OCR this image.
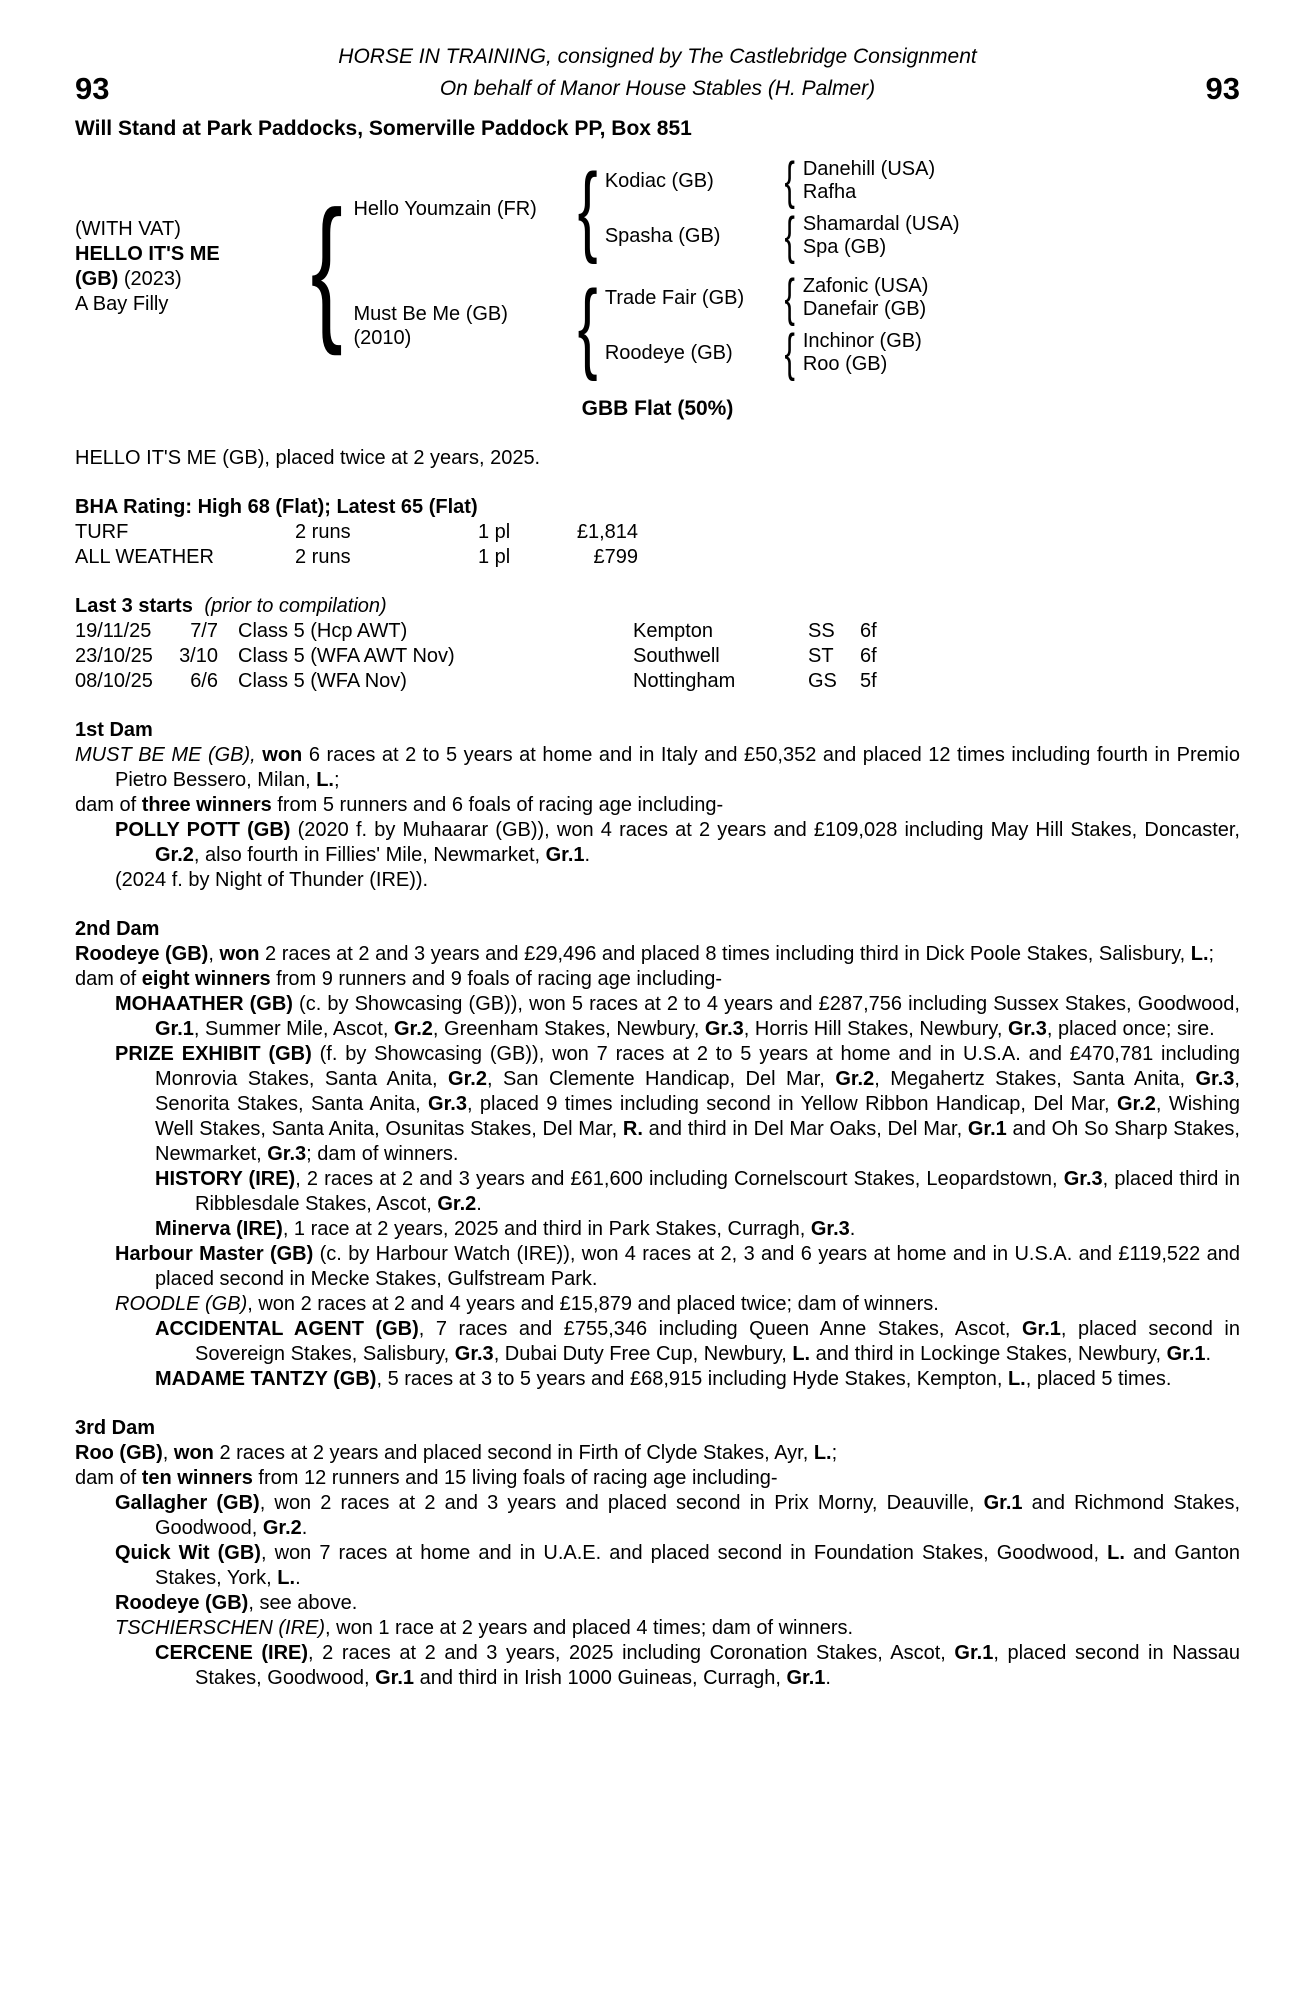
HORSE IN TRAINING, consigned by The Castlebridge Consignment
93	On behalf of Manor House Stables (H. Palmer)	93
Will Stand at Park Paddocks, Somerville Paddock PP, Box 851
(WITH VAT)
HELLO IT'S ME
(GB) (2023)
A Bay Filly
{
Hello Youmzain (FR)
{
Kodiac (GB)
{
Danehill (USA)
Rafha
Spasha (GB)
{
Shamardal (USA)
Spa (GB)
Must Be Me (GB)
(2010)
{
Trade Fair (GB)
{
Zafonic (USA)
Danefair (GB)
Roodeye (GB)
{
Inchinor (GB)
Roo (GB)
GBB Flat (50%)
HELLO IT'S ME (GB), placed twice at 2 years, 2025.
BHA Rating: High 68 (Flat); Latest 65 (Flat)
TURF	2 runs	1 pl	£1,814
ALL WEATHER	2 runs	1 pl	£799
Last 3 starts (prior to compilation)
19/11/25	7/7	Class 5 (Hcp AWT)	Kempton	SS	6f
23/10/25	3/10	Class 5 (WFA AWT Nov)	Southwell	ST	6f
08/10/25	6/6	Class 5 (WFA Nov)	Nottingham	GS	5f
1st Dam

MUST BE ME (GB), won 6 races at 2 to 5 years at home and in Italy and £50,352 and placed 12 times including fourth in Premio Pietro Bessero, Milan, L.;

dam of three winners from 5 runners and 6 foals of racing age including-

POLLY POTT (GB) (2020 f. by Muhaarar (GB)), won 4 races at 2 years and £109,028 including May Hill Stakes, Doncaster, Gr.2, also fourth in Fillies' Mile, Newmarket, Gr.1.

(2024 f. by Night of Thunder (IRE)).

2nd Dam

Roodeye (GB), won 2 races at 2 and 3 years and £29,496 and placed 8 times including third in Dick Poole Stakes, Salisbury, L.;

dam of eight winners from 9 runners and 9 foals of racing age including-

MOHAATHER (GB) (c. by Showcasing (GB)), won 5 races at 2 to 4 years and £287,756 including Sussex Stakes, Goodwood, Gr.1, Summer Mile, Ascot, Gr.2, Greenham Stakes, Newbury, Gr.3, Horris Hill Stakes, Newbury, Gr.3, placed once; sire.

PRIZE EXHIBIT (GB) (f. by Showcasing (GB)), won 7 races at 2 to 5 years at home and in U.S.A. and £470,781 including Monrovia Stakes, Santa Anita, Gr.2, San Clemente Handicap, Del Mar, Gr.2, Megahertz Stakes, Santa Anita, Gr.3, Senorita Stakes, Santa Anita, Gr.3, placed 9 times including second in Yellow Ribbon Handicap, Del Mar, Gr.2, Wishing Well Stakes, Santa Anita, Osunitas Stakes, Del Mar, R. and third in Del Mar Oaks, Del Mar, Gr.1 and Oh So Sharp Stakes, Newmarket, Gr.3; dam of winners.

HISTORY (IRE), 2 races at 2 and 3 years and £61,600 including Cornelscourt Stakes, Leopardstown, Gr.3, placed third in Ribblesdale Stakes, Ascot, Gr.2.

Minerva (IRE), 1 race at 2 years, 2025 and third in Park Stakes, Curragh, Gr.3.

Harbour Master (GB) (c. by Harbour Watch (IRE)), won 4 races at 2, 3 and 6 years at home and in U.S.A. and £119,522 and placed second in Mecke Stakes, Gulfstream Park.

ROODLE (GB), won 2 races at 2 and 4 years and £15,879 and placed twice; dam of winners.

ACCIDENTAL AGENT (GB), 7 races and £755,346 including Queen Anne Stakes, Ascot, Gr.1, placed second in Sovereign Stakes, Salisbury, Gr.3, Dubai Duty Free Cup, Newbury, L. and third in Lockinge Stakes, Newbury, Gr.1.

MADAME TANTZY (GB), 5 races at 3 to 5 years and £68,915 including Hyde Stakes, Kempton, L., placed 5 times.

3rd Dam

Roo (GB), won 2 races at 2 years and placed second in Firth of Clyde Stakes, Ayr, L.;

dam of ten winners from 12 runners and 15 living foals of racing age including-

Gallagher (GB), won 2 races at 2 and 3 years and placed second in Prix Morny, Deauville, Gr.1 and Richmond Stakes, Goodwood, Gr.2.

Quick Wit (GB), won 7 races at home and in U.A.E. and placed second in Foundation Stakes, Goodwood, L. and Ganton Stakes, York, L..

Roodeye (GB), see above.

TSCHIERSCHEN (IRE), won 1 race at 2 years and placed 4 times; dam of winners.

CERCENE (IRE), 2 races at 2 and 3 years, 2025 including Coronation Stakes, Ascot, Gr.1, placed second in Nassau Stakes, Goodwood, Gr.1 and third in Irish 1000 Guineas, Curragh, Gr.1.
